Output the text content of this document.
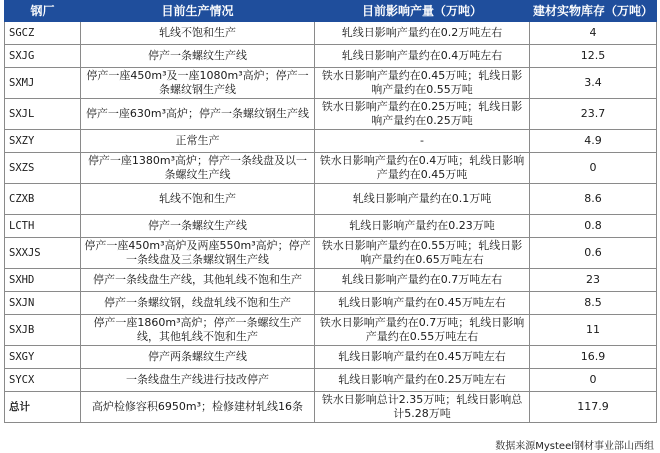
钢厂	目前生产情况	目前影响产量（万吨）	建材实物库存（万吨）
SGCZ	轧线不饱和生产	轧线日影响产量约在0.2万吨左右	4
SXJG	停产一条螺纹生产线	轧线日影响产量约在0.4万吨左右	12.5
SXMJ	停产一座450m³及一座1080m³高炉；停产一条螺纹钢生产线	铁水日影响产量约在0.45万吨；轧线日影响产量约在0.55万吨	3.4
SXJL	停产一座630m³高炉；停产一条螺纹钢生产线	铁水日影响产量约在0.25万吨；轧线日影响产量约在0.25万吨	23.7
SXZY	正常生产	-	4.9
SXZS	停产一座1380m³高炉；停产一条线盘及以一条螺纹生产线	铁水日影响产量约在0.4万吨；轧线日影响产量约在0.45万吨	0
CZXB	轧线不饱和生产	轧线日影响产量约在0.1万吨	8.6
LCTH	停产一条螺纹生产线	轧线日影响产量约在0.23万吨	0.8
SXXJS	停产一座450m³高炉及两座550m³高炉；停产一条线盘及三条螺纹钢生产线	铁水日影响产量约在0.55万吨；轧线日影响产量约在0.65万吨左右	0.6
SXHD	停产一条线盘生产线，其他轧线不饱和生产	轧线日影响产量约在0.7万吨左右	23
SXJN	停产一条螺纹钢，线盘轧线不饱和生产	轧线日影响产量约在0.45万吨左右	8.5
SXJB	停产一座1860m³高炉；停产一条螺纹生产线，其他轧线不饱和生产	铁水日影响产量约在0.7万吨；轧线日影响产量约在0.55万吨左右	11
SXGY	停产两条螺纹生产线	轧线日影响产量约在0.45万吨左右	16.9
SYCX	一条线盘生产线进行技改停产	轧线日影响产量约在0.25万吨左右	0
总计	高炉检修容积6950m³；检修建材轧线16条	铁水日影响总计2.35万吨；轧线日影响总计5.28万吨	117.9
数据来源Mysteel钢材事业部山西组
